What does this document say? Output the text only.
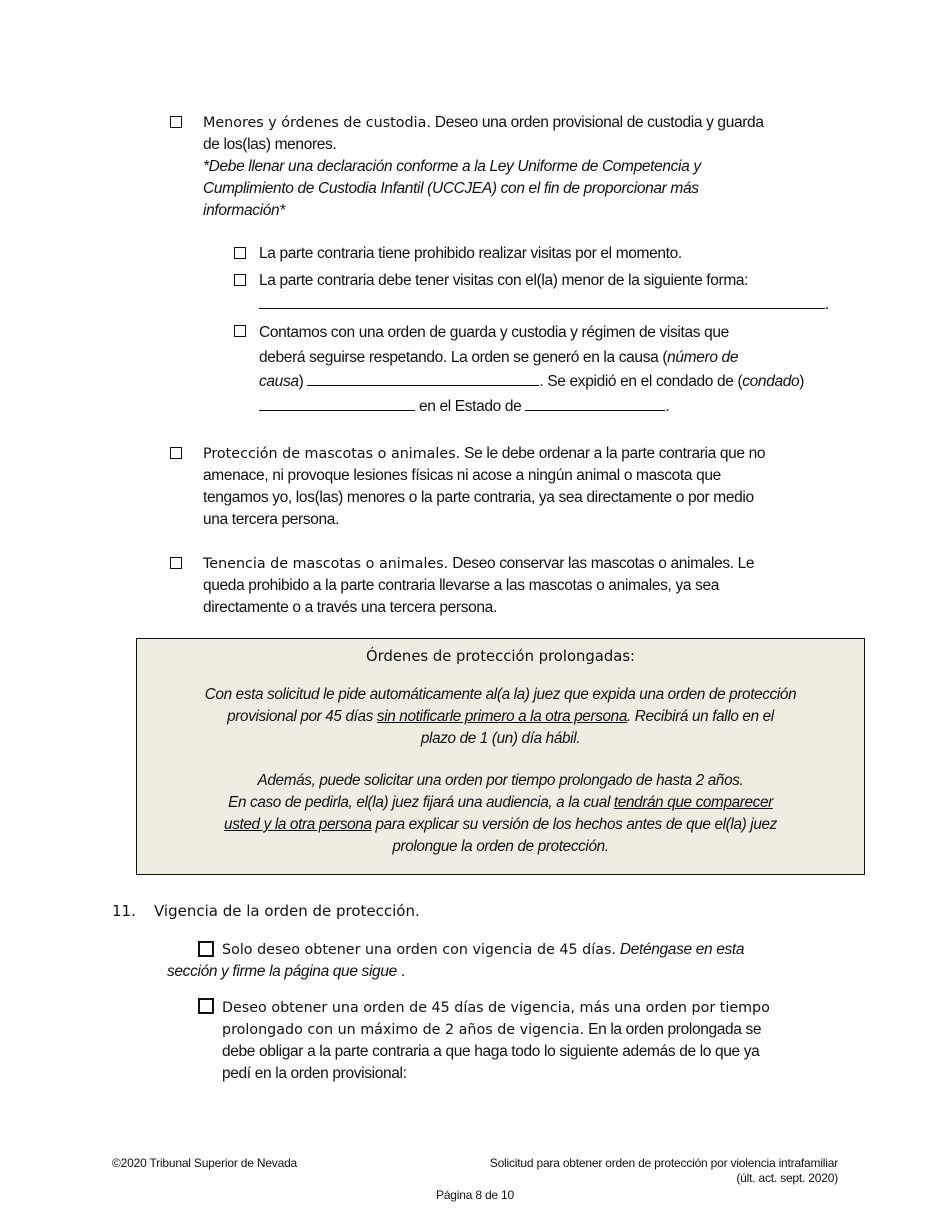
Menores y órdenes de custodia. Deseo una orden provisional de custodia y guarda
de los(las) menores.
*Debe llenar una declaración conforme a la Ley Uniforme de Competencia y
Cumplimiento de Custodia Infantil (UCCJEA) con el fin de proporcionar más
información*
La parte contraria tiene prohibido realizar visitas por el momento.
La parte contraria debe tener visitas con el(la) menor de la siguiente forma:
.
Contamos con una orden de guarda y custodia y régimen de visitas que
deberá seguirse respetando. La orden se generó en la causa (número de
causa)	. Se expidió en el condado de (condado)
en el Estado de	.
Protección de mascotas o animales. Se le debe ordenar a la parte contraria que no
amenace, ni provoque lesiones físicas ni acose a ningún animal o mascota que
tengamos yo, los(las) menores o la parte contraria, ya sea directamente o por medio
una tercera persona.
Tenencia de mascotas o animales. Deseo conservar las mascotas o animales. Le
queda prohibido a la parte contraria llevarse a las mascotas o animales, ya sea
directamente o a través una tercera persona.
Órdenes de protección prolongadas:
Con esta solicitud le pide automáticamente al(a la) juez que expida una orden de protección
provisional por 45 días sin notificarle primero a la otra persona. Recibirá un fallo en el
plazo de 1 (un) día hábil.
Además, puede solicitar una orden por tiempo prolongado de hasta 2 años.
En caso de pedirla, el(la) juez fijará una audiencia, a la cual tendrán que comparecer
usted y la otra persona para explicar su versión de los hechos antes de que el(la) juez
prolongue la orden de protección.
11. Vigencia de la orden de protección.
Solo deseo obtener una orden con vigencia de 45 días. Deténgase en esta
sección y firme la página que sigue .
Deseo obtener una orden de 45 días de vigencia, más una orden por tiempo
prolongado con un máximo de 2 años de vigencia. En la orden prolongada se
debe obligar a la parte contraria a que haga todo lo siguiente además de lo que ya
pedí en la orden provisional:
©2020 Tribunal Superior de Nevada	Solicitud para obtener orden de protección por violencia intrafamiliar
(últ. act. sept. 2020)
Página 8 de 10
